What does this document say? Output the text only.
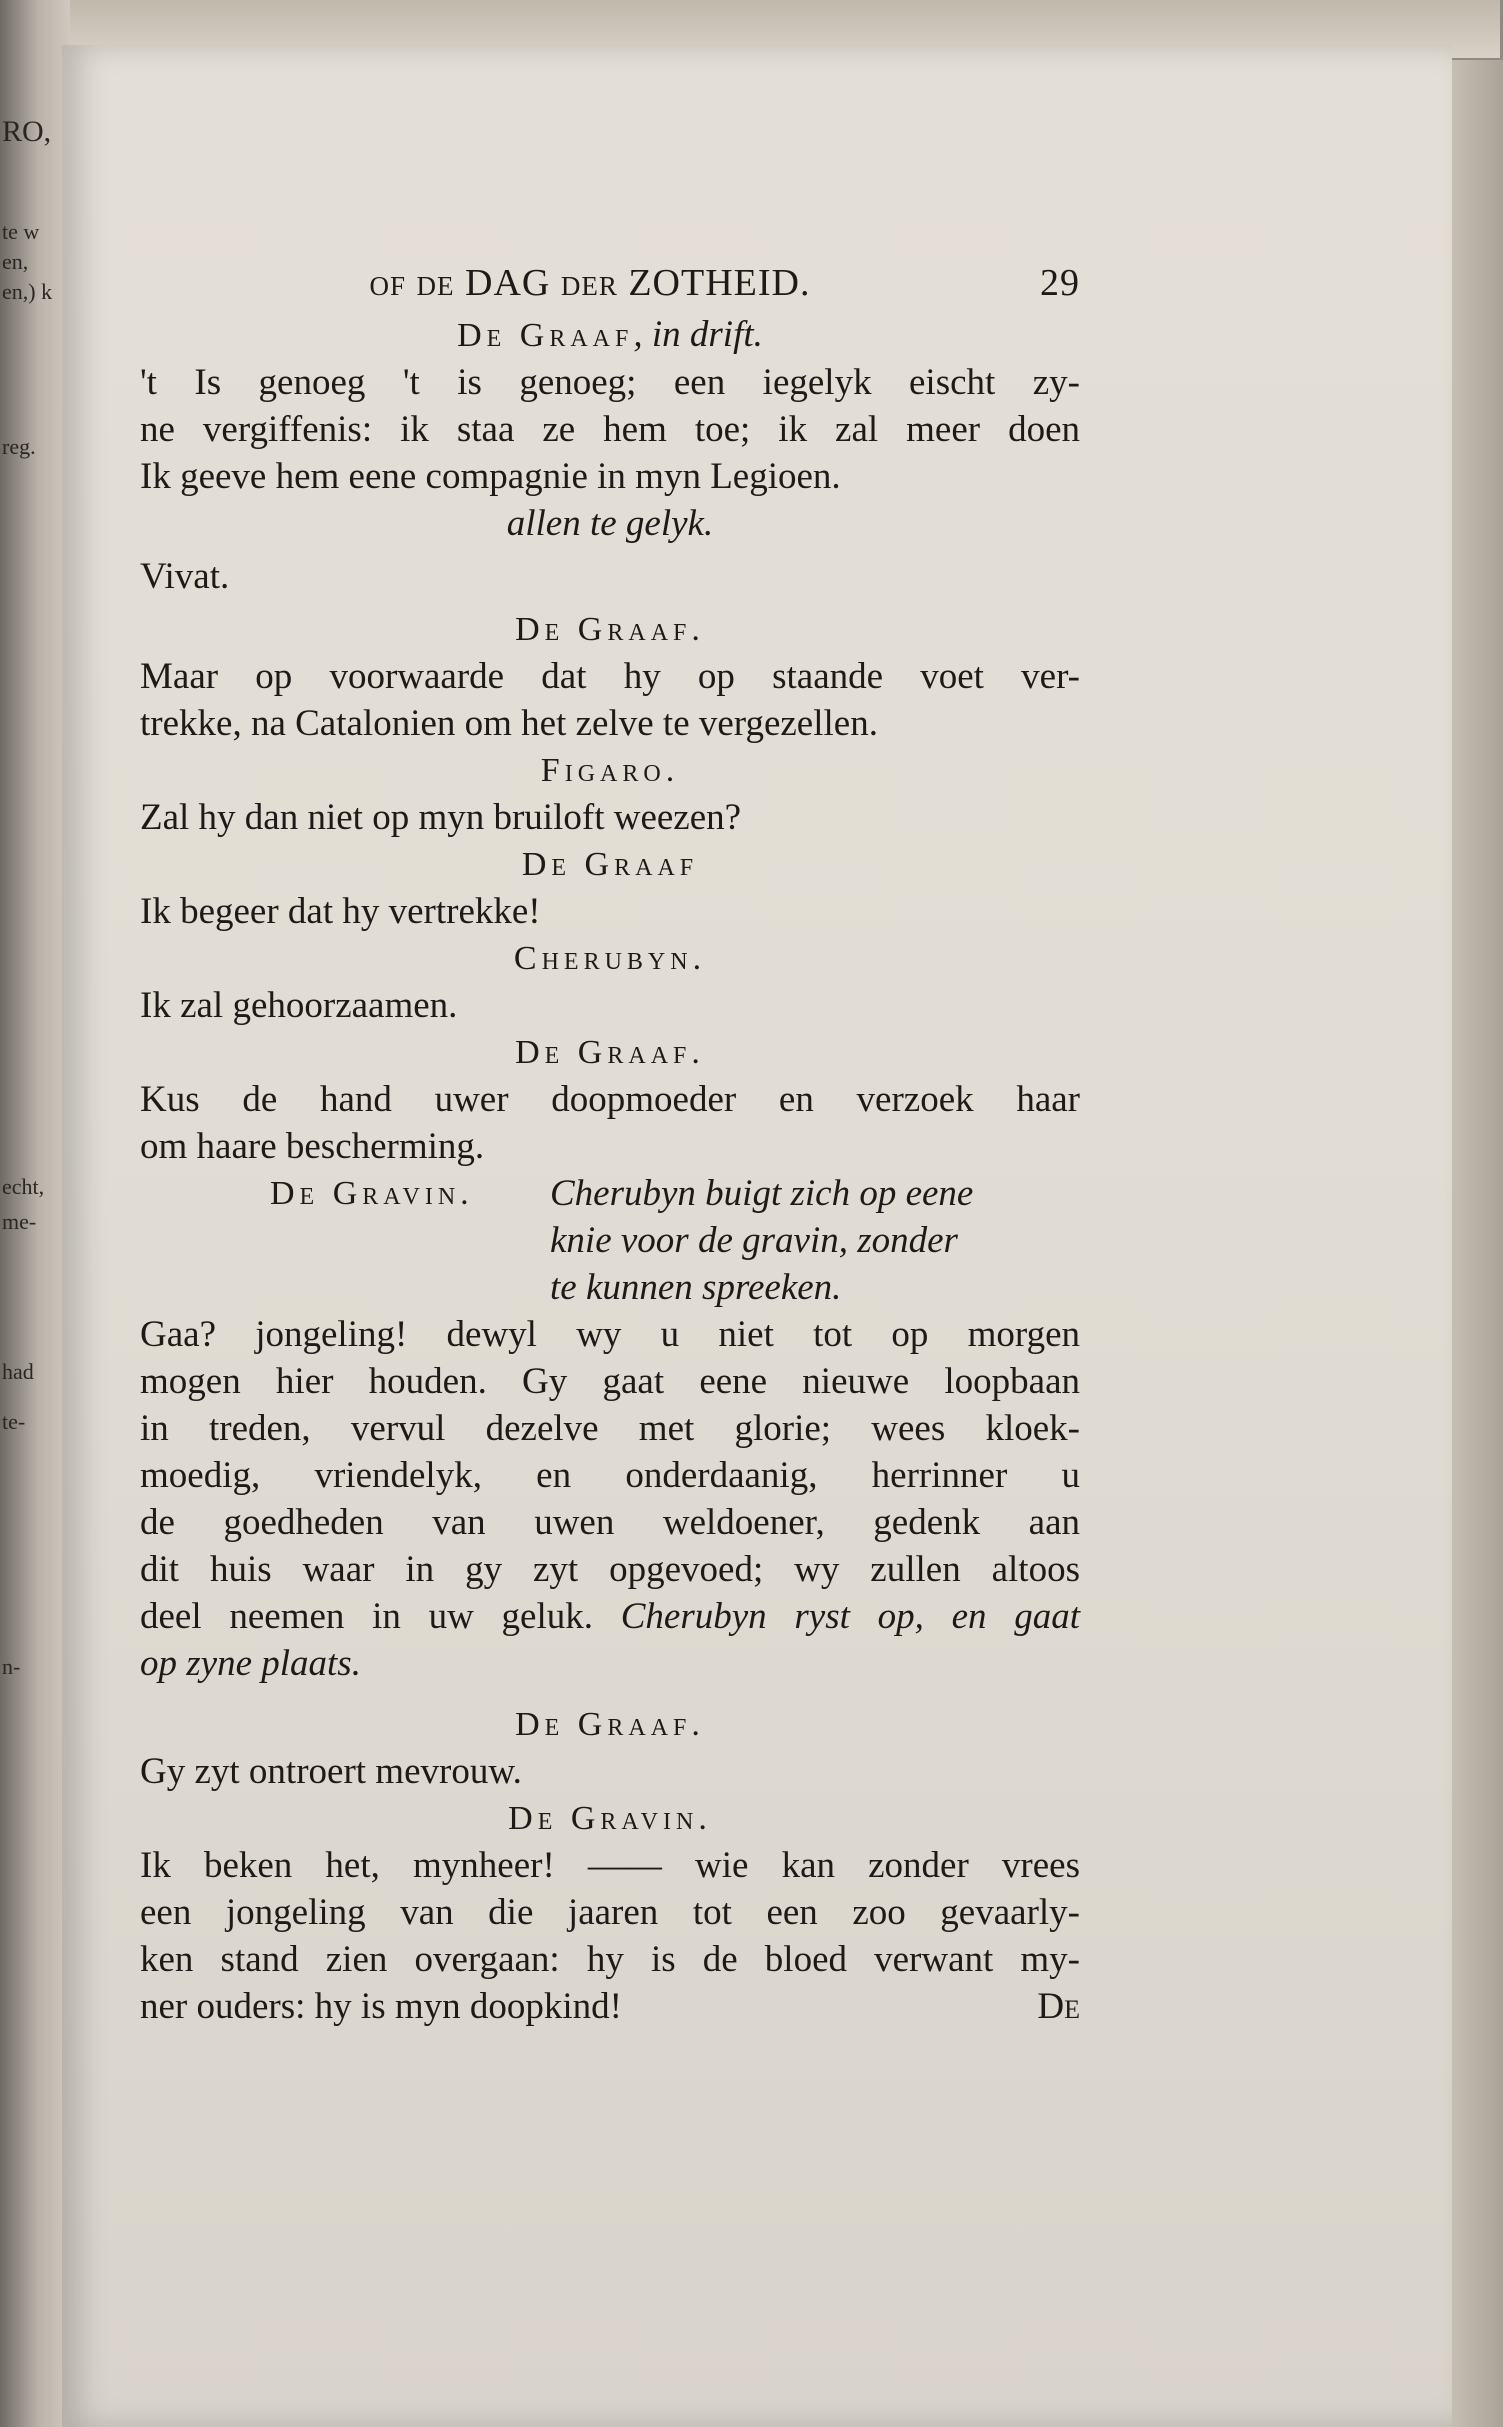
RO,
te w
en,
en,) k
reg.
echt,
me-
had
te-
n-
of de DAG der ZOTHEID.	29
De Graaf, in drift.
't Is genoeg 't is genoeg; een iegelyk eischt zy-
ne vergiffenis: ik staa ze hem toe; ik zal meer doen
Ik geeve hem eene compagnie in myn Legioen.
allen te gelyk.
Vivat.
De Graaf.
Maar op voorwaarde dat hy op staande voet ver-
trekke, na Catalonien om het zelve te vergezellen.
Figaro.
Zal hy dan niet op myn bruiloft weezen?
De Graaf
Ik begeer dat hy vertrekke!
Cherubyn.
Ik zal gehoorzaamen.
De Graaf.
Kus de hand uwer doopmoeder en verzoek haar
om haare bescherming.
De Gravin.	Cherubyn buigt zich op eene
knie voor de gravin, zonder
te kunnen spreeken.
Gaa? jongeling! dewyl wy u niet tot op morgen
mogen hier houden. Gy gaat eene nieuwe loopbaan
in treden, vervul dezelve met glorie; wees kloek-
moedig, vriendelyk, en onderdaanig, herrinner u
de goedheden van uwen weldoener, gedenk aan
dit huis waar in gy zyt opgevoed; wy zullen altoos
deel neemen in uw geluk. Cherubyn ryst op, en gaat
op zyne plaats.
De Graaf.
Gy zyt ontroert mevrouw.
De Gravin.
Ik beken het, mynheer! —— wie kan zonder vrees
een jongeling van die jaaren tot een zoo gevaarly-
ken stand zien overgaan: hy is de bloed verwant my-
ner ouders: hy is myn doopkind!	De
